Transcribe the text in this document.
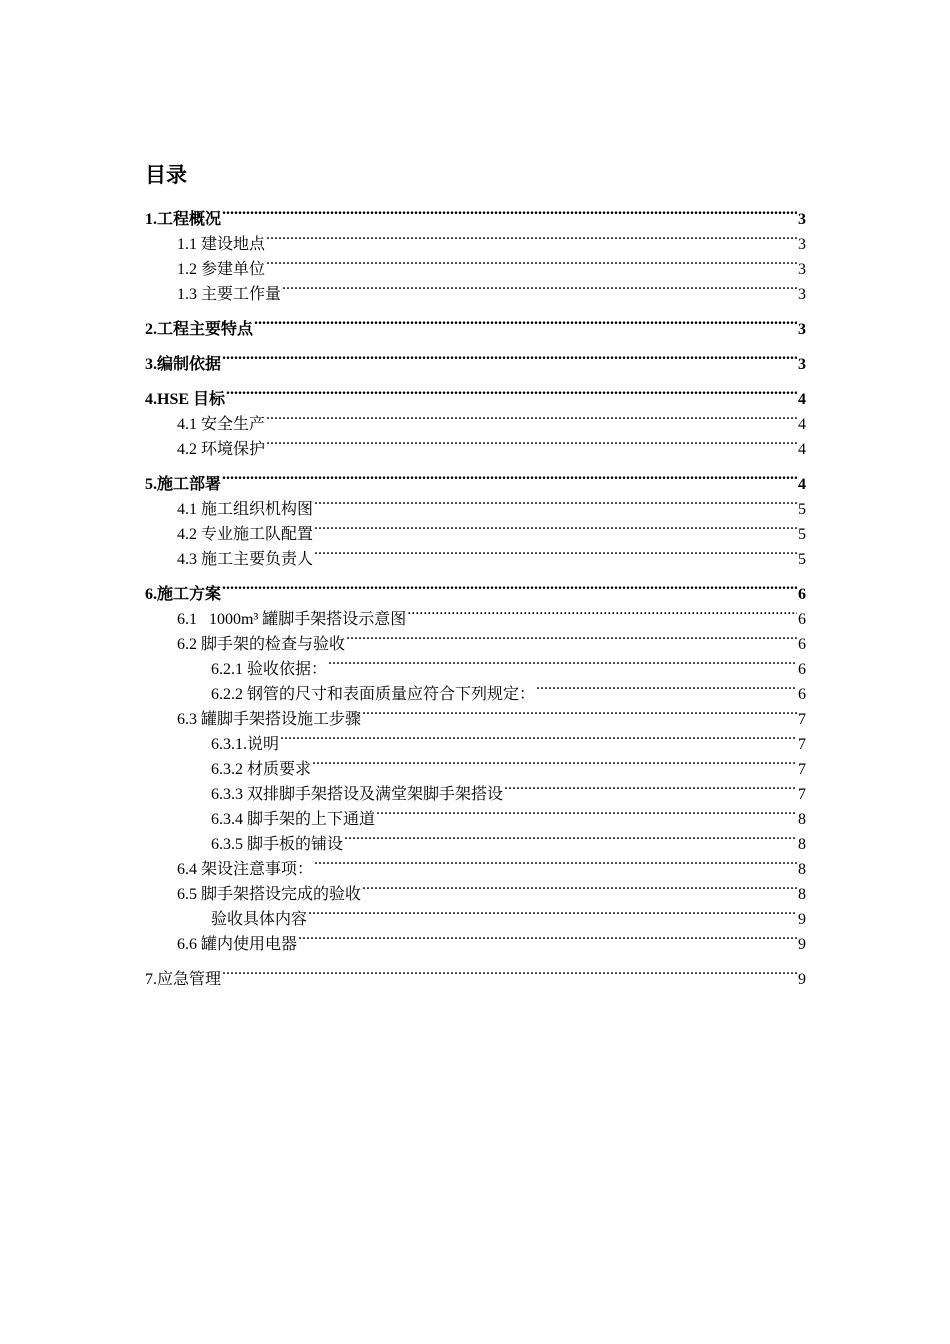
目录
1.工程概况 .....	3
1.1 建设地点 .....	3
1.2 参建单位 .....	3
1.3 主要工作量 .....	3
2.工程主要特点 .....	3
3.编制依据 .....	3
4.HSE 目标 .....	4
4.1 安全生产 .....	4
4.2 环境保护 .....	4
5.施工部署 .....	4
4.1 施工组织机构图 .....	5
4.2 专业施工队配置 .....	5
4.3 施工主要负责人 .....	5
6.施工方案 .....	6
6.1   1000m³ 罐脚手架搭设示意图 .....	6
6.2 脚手架的检查与验收 .....	6
6.2.1 验收依据： .....	6
6.2.2 钢管的尺寸和表面质量应符合下列规定： .....	6
6.3 罐脚手架搭设施工步骤 .....	7
6.3.1.说明 .....	7
6.3.2 材质要求 .....	7
6.3.3 双排脚手架搭设及满堂架脚手架搭设 .....	7
6.3.4 脚手架的上下通道 .....	8
6.3.5 脚手板的铺设 .....	8
6.4 架设注意事项： .....	8
6.5 脚手架搭设完成的验收 .....	8
验收具体内容 .....	9
6.6 罐内使用电器 .....	9
7.应急管理 .....	9
